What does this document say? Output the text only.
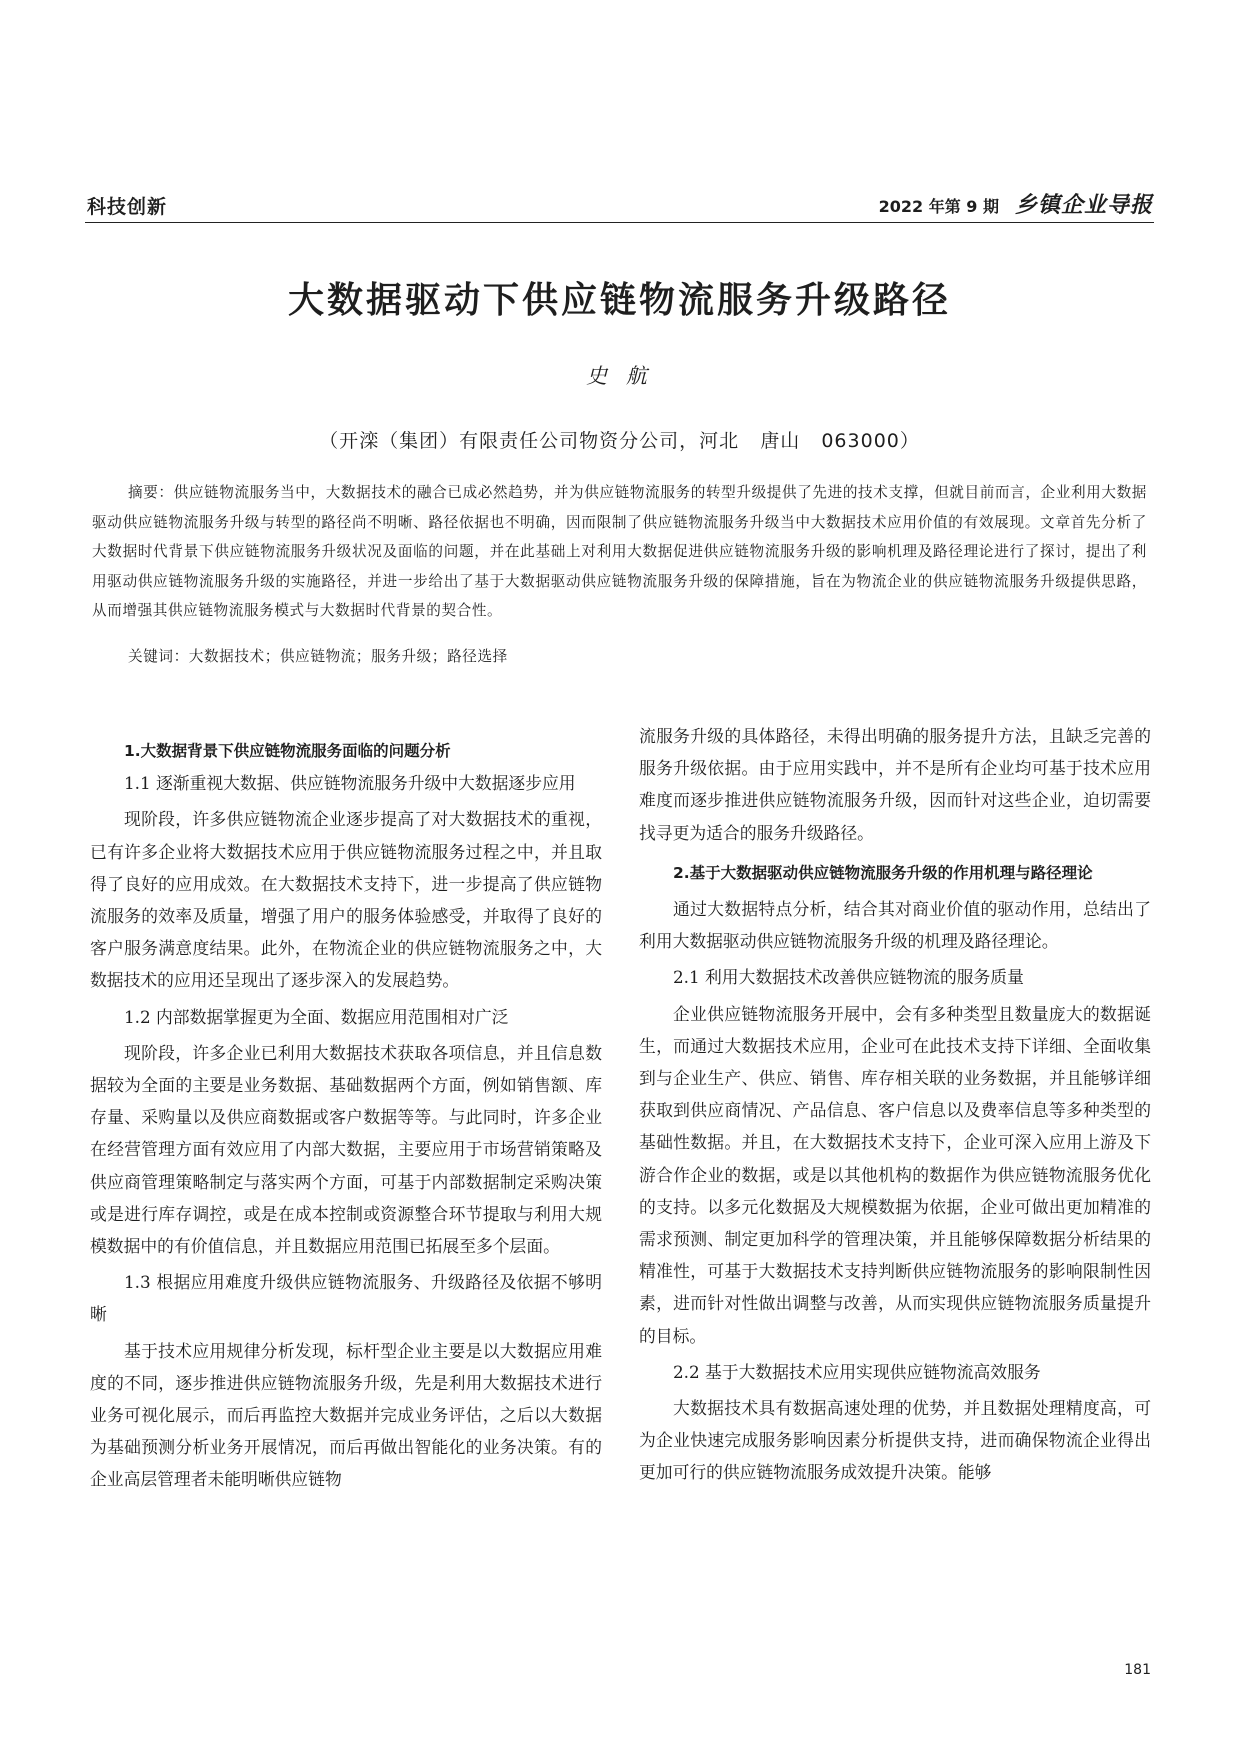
科技创新	2022 年第 9 期 乡镇企业导报
大数据驱动下供应链物流服务升级路径
史 航
（开滦（集团）有限责任公司物资分公司，河北   唐山   063000）
摘要：供应链物流服务当中，大数据技术的融合已成必然趋势，并为供应链物流服务的转型升级提供了先进的技术支撑，但就目前而言，企业利用大数据驱动供应链物流服务升级与转型的路径尚不明晰、路径依据也不明确，因而限制了供应链物流服务升级当中大数据技术应用价值的有效展现。文章首先分析了大数据时代背景下供应链物流服务升级状况及面临的问题，并在此基础上对利用大数据促进供应链物流服务升级的影响机理及路径理论进行了探讨，提出了利用驱动供应链物流服务升级的实施路径，并进一步给出了基于大数据驱动供应链物流服务升级的保障措施，旨在为物流企业的供应链物流服务升级提供思路，从而增强其供应链物流服务模式与大数据时代背景的契合性。
关键词：大数据技术；供应链物流；服务升级；路径选择

1.大数据背景下供应链物流服务面临的问题分析

1.1 逐渐重视大数据、供应链物流服务升级中大数据逐步应用

现阶段，许多供应链物流企业逐步提高了对大数据技术的重视，已有许多企业将大数据技术应用于供应链物流服务过程之中，并且取得了良好的应用成效。在大数据技术支持下，进一步提高了供应链物流服务的效率及质量，增强了用户的服务体验感受，并取得了良好的客户服务满意度结果。此外，在物流企业的供应链物流服务之中，大数据技术的应用还呈现出了逐步深入的发展趋势。

1.2 内部数据掌握更为全面、数据应用范围相对广泛

现阶段，许多企业已利用大数据技术获取各项信息，并且信息数据较为全面的主要是业务数据、基础数据两个方面，例如销售额、库存量、采购量以及供应商数据或客户数据等等。与此同时，许多企业在经营管理方面有效应用了内部大数据，主要应用于市场营销策略及供应商管理策略制定与落实两个方面，可基于内部数据制定采购决策或是进行库存调控，或是在成本控制或资源整合环节提取与利用大规模数据中的有价值信息，并且数据应用范围已拓展至多个层面。

1.3 根据应用难度升级供应链物流服务、升级路径及依据不够明晰

基于技术应用规律分析发现，标杆型企业主要是以大数据应用难度的不同，逐步推进供应链物流服务升级，先是利用大数据技术进行业务可视化展示，而后再监控大数据并完成业务评估，之后以大数据为基础预测分析业务开展情况，而后再做出智能化的业务决策。有的企业高层管理者未能明晰供应链物

流服务升级的具体路径，未得出明确的服务提升方法，且缺乏完善的服务升级依据。由于应用实践中，并不是所有企业均可基于技术应用难度而逐步推进供应链物流服务升级，因而针对这些企业，迫切需要找寻更为适合的服务升级路径。

2.基于大数据驱动供应链物流服务升级的作用机理与路径理论

通过大数据特点分析，结合其对商业价值的驱动作用，总结出了利用大数据驱动供应链物流服务升级的机理及路径理论。

2.1 利用大数据技术改善供应链物流的服务质量

企业供应链物流服务开展中，会有多种类型且数量庞大的数据诞生，而通过大数据技术应用，企业可在此技术支持下详细、全面收集到与企业生产、供应、销售、库存相关联的业务数据，并且能够详细获取到供应商情况、产品信息、客户信息以及费率信息等多种类型的基础性数据。并且，在大数据技术支持下，企业可深入应用上游及下游合作企业的数据，或是以其他机构的数据作为供应链物流服务优化的支持。以多元化数据及大规模数据为依据，企业可做出更加精准的需求预测、制定更加科学的管理决策，并且能够保障数据分析结果的精准性，可基于大数据技术支持判断供应链物流服务的影响限制性因素，进而针对性做出调整与改善，从而实现供应链物流服务质量提升的目标。

2.2 基于大数据技术应用实现供应链物流高效服务

大数据技术具有数据高速处理的优势，并且数据处理精度高，可为企业快速完成服务影响因素分析提供支持，进而确保物流企业得出更加可行的供应链物流服务成效提升决策。能够

181
